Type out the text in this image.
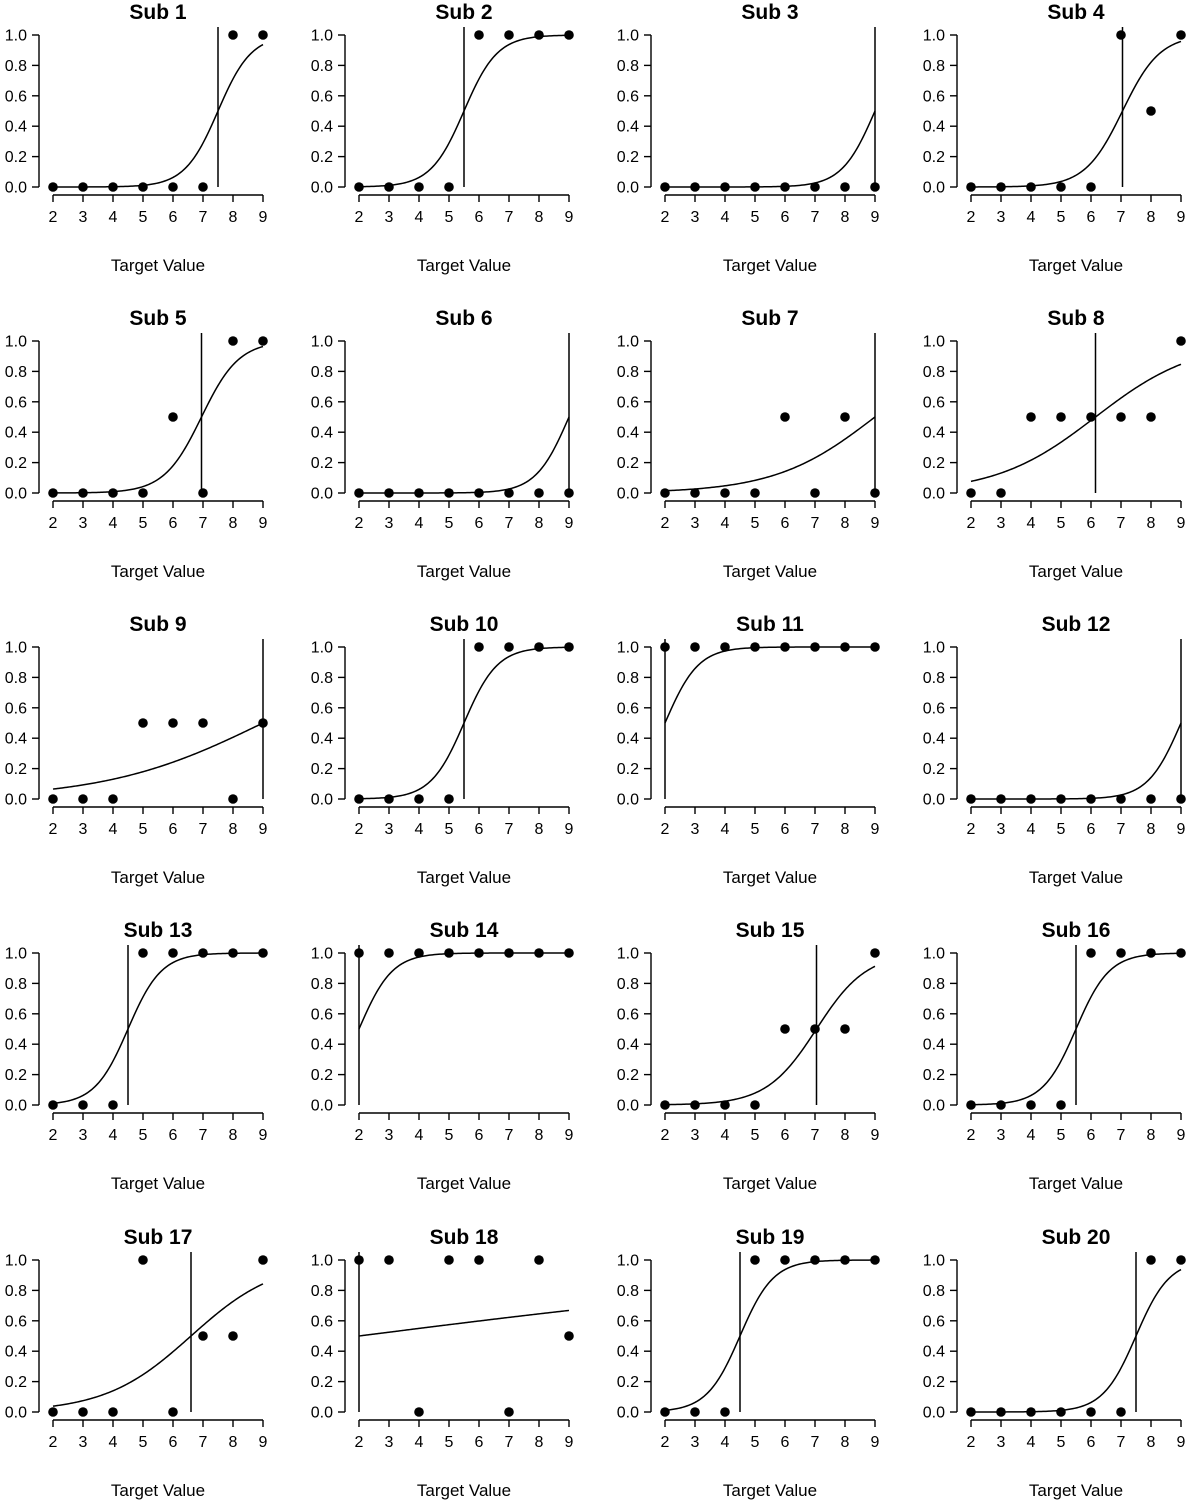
Sub 1
0.0
0.2
0.4
0.6
0.8
1.0
2 3 4 5 6 7 8 9
Target Value
Sub 2
0.0
0.2
0.4
0.6
0.8
1.0
2 3 4 5 6 7 8 9
Target Value
Sub 3
0.0
0.2
0.4
0.6
0.8
1.0
2 3 4 5 6 7 8 9
Target Value
Sub 4
0.0
0.2
0.4
0.6
0.8
1.0
2 3 4 5 6 7 8 9
Target Value
Sub 5
0.0
0.2
0.4
0.6
0.8
1.0
2 3 4 5 6 7 8 9
Target Value
Sub 6
0.0
0.2
0.4
0.6
0.8
1.0
2 3 4 5 6 7 8 9
Target Value
Sub 7
0.0
0.2
0.4
0.6
0.8
1.0
2 3 4 5 6 7 8 9
Target Value
Sub 8
0.0
0.2
0.4
0.6
0.8
1.0
2 3 4 5 6 7 8 9
Target Value
Sub 9
0.0
0.2
0.4
0.6
0.8
1.0
2 3 4 5 6 7 8 9
Target Value
Sub 10
0.0
0.2
0.4
0.6
0.8
1.0
2 3 4 5 6 7 8 9
Target Value
Sub 11
0.0
0.2
0.4
0.6
0.8
1.0
2 3 4 5 6 7 8 9
Target Value
Sub 12
0.0
0.2
0.4
0.6
0.8
1.0
2 3 4 5 6 7 8 9
Target Value
Sub 13
0.0
0.2
0.4
0.6
0.8
1.0
2 3 4 5 6 7 8 9
Target Value
Sub 14
0.0
0.2
0.4
0.6
0.8
1.0
2 3 4 5 6 7 8 9
Target Value
Sub 15
0.0
0.2
0.4
0.6
0.8
1.0
2 3 4 5 6 7 8 9
Target Value
Sub 16
0.0
0.2
0.4
0.6
0.8
1.0
2 3 4 5 6 7 8 9
Target Value
Sub 17
0.0
0.2
0.4
0.6
0.8
1.0
2 3 4 5 6 7 8 9
Target Value
Sub 18
0.0
0.2
0.4
0.6
0.8
1.0
2 3 4 5 6 7 8 9
Target Value
Sub 19
0.0
0.2
0.4
0.6
0.8
1.0
2 3 4 5 6 7 8 9
Target Value
Sub 20
0.0
0.2
0.4
0.6
0.8
1.0
2 3 4 5 6 7 8 9
Target Value
